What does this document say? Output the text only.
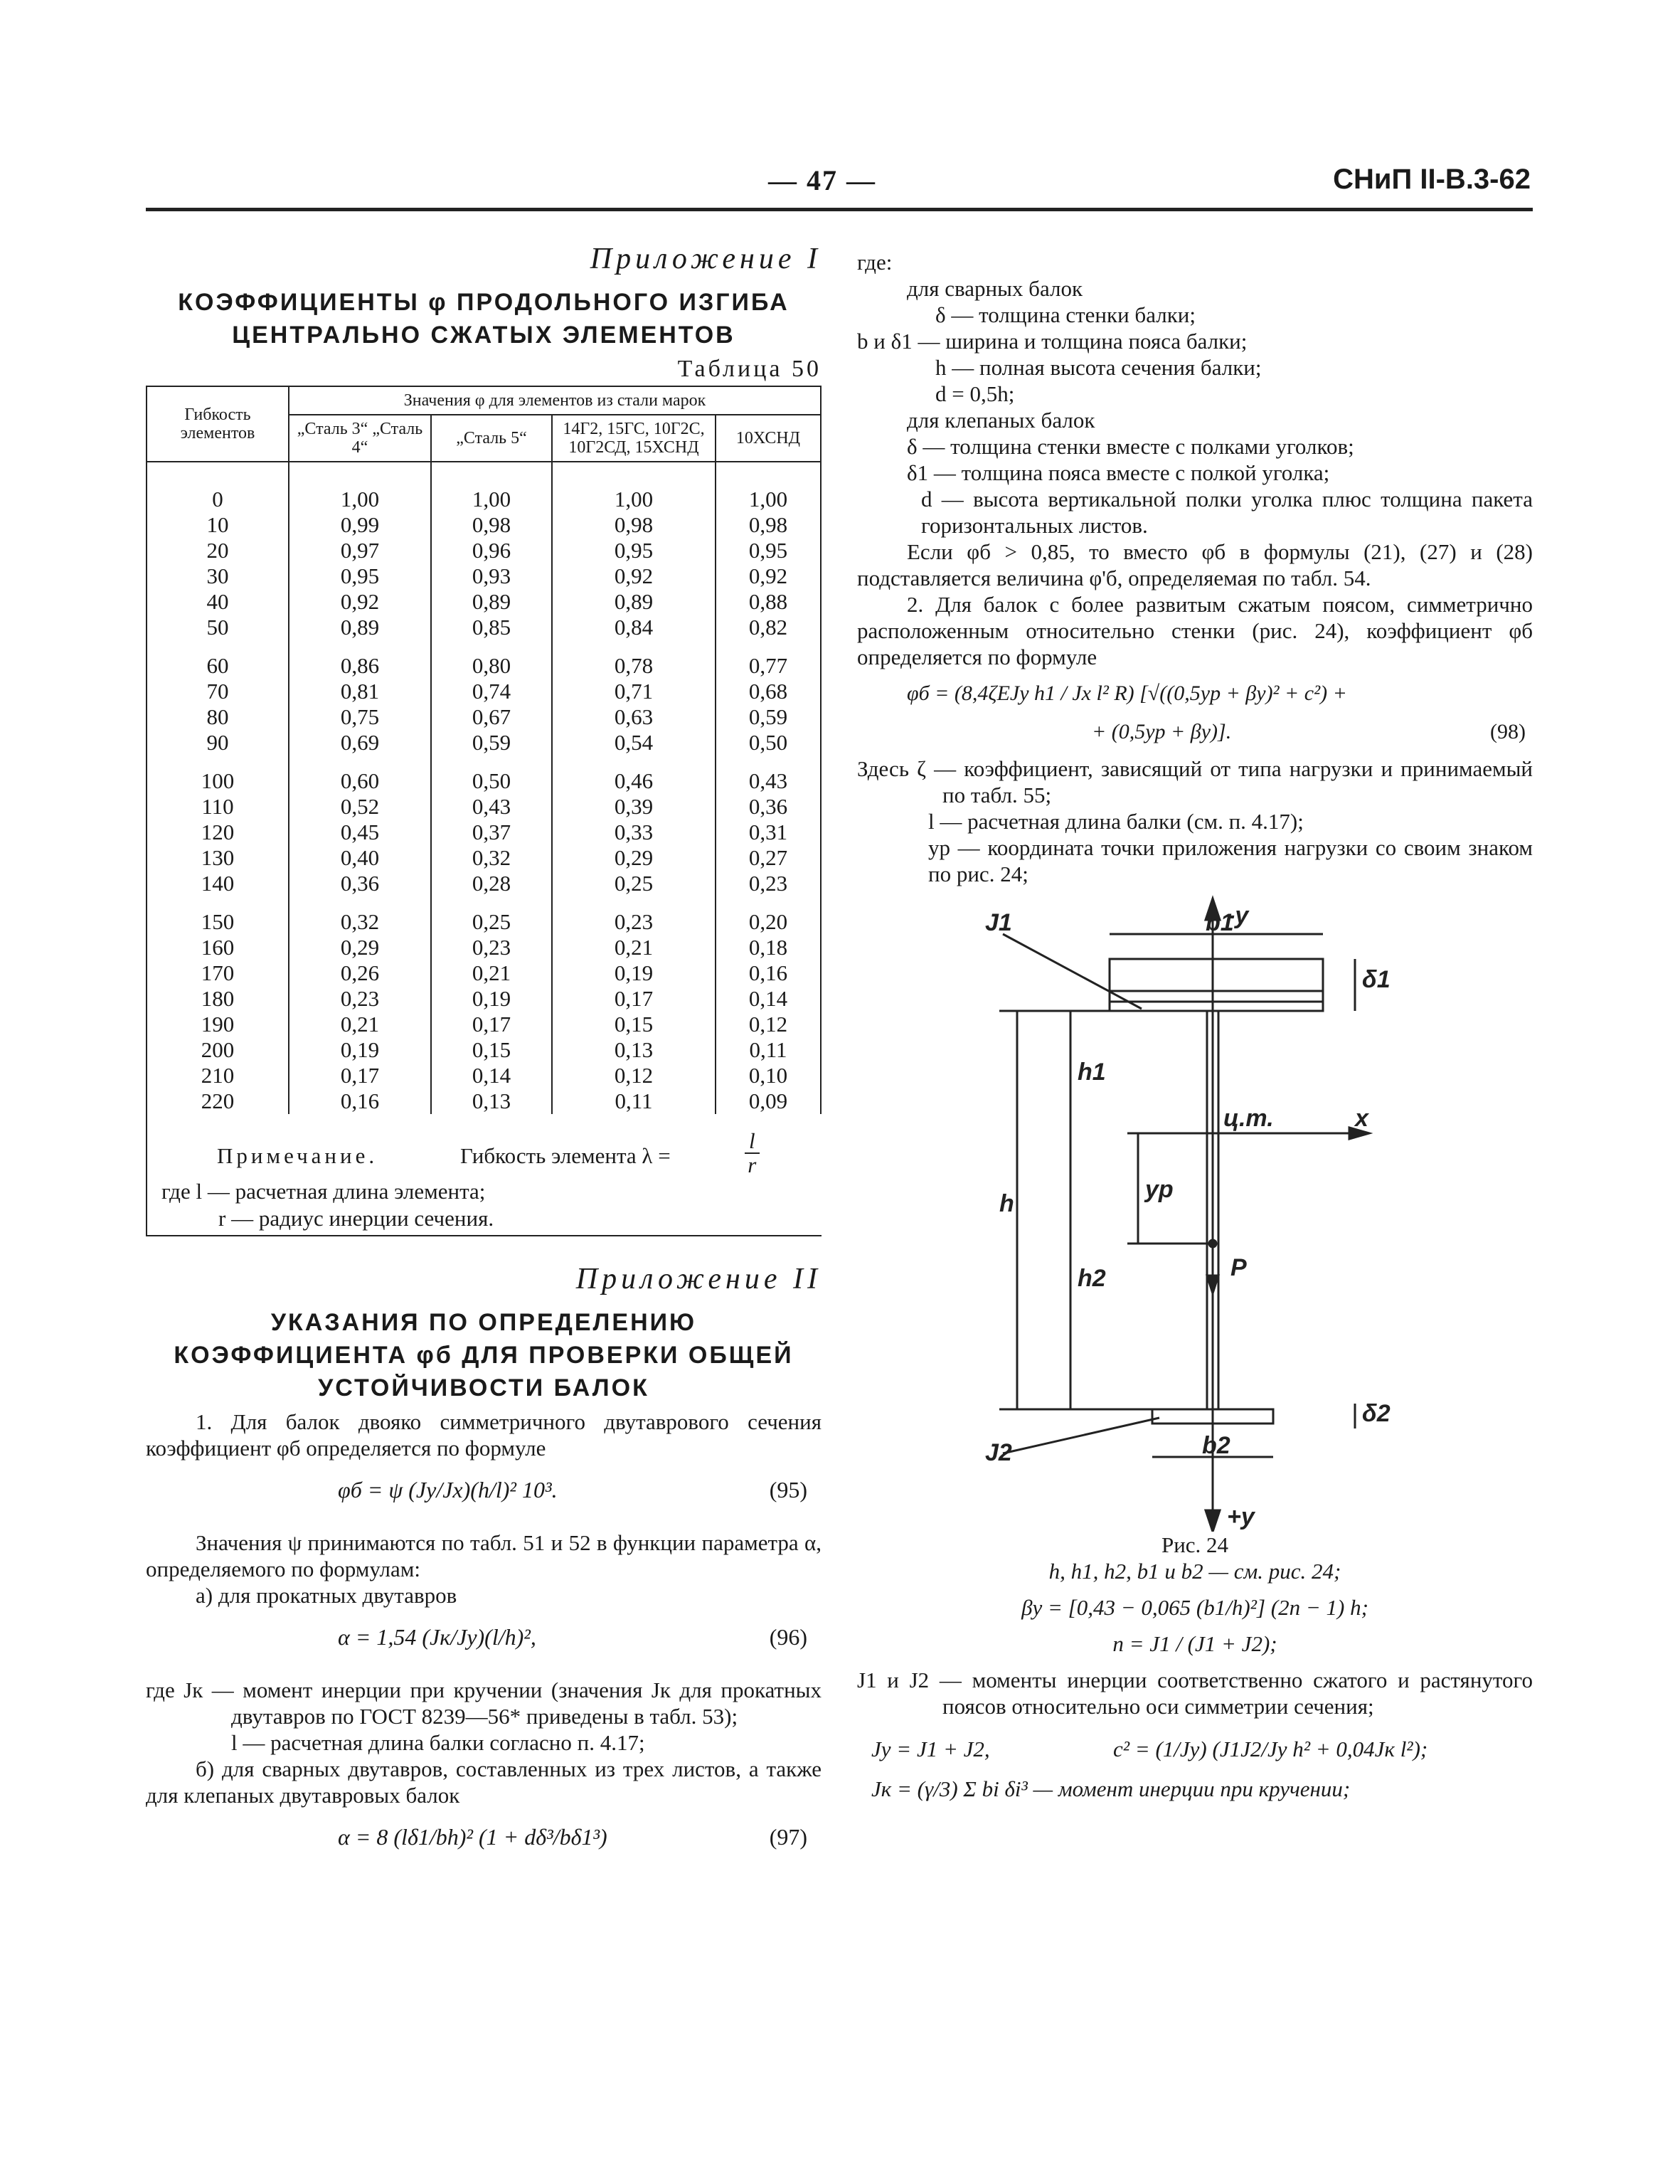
— 47 —	СНиП II-В.3-62

Приложение I

КОЭФФИЦИЕНТЫ φ ПРОДОЛЬНОГО ИЗГИБА
ЦЕНТРАЛЬНО СЖАТЫХ ЭЛЕМЕНТОВ
Таблица 50
Гибкость элементов	Значения φ для элементов из стали марок			
	„Сталь 3“ „Сталь 4“	„Сталь 5“	14Г2, 15ГС, 10Г2С, 10Г2СД, 15ХСНД	10ХСНД
0	1,00	1,00	1,00	1,00
10	0,99	0,98	0,98	0,98
20	0,97	0,96	0,95	0,95
30	0,95	0,93	0,92	0,92
40	0,92	0,89	0,89	0,88
50	0,89	0,85	0,84	0,82
60	0,86	0,80	0,78	0,77
70	0,81	0,74	0,71	0,68
80	0,75	0,67	0,63	0,59
90	0,69	0,59	0,54	0,50
100	0,60	0,50	0,46	0,43
110	0,52	0,43	0,39	0,36
120	0,45	0,37	0,33	0,31
130	0,40	0,32	0,29	0,27
140	0,36	0,28	0,25	0,23
150	0,32	0,25	0,23	0,20
160	0,29	0,23	0,21	0,18
170	0,26	0,21	0,19	0,16
180	0,23	0,19	0,17	0,14
190	0,21	0,17	0,15	0,12
200	0,19	0,15	0,13	0,11
210	0,17	0,14	0,12	0,10
220	0,16	0,13	0,11	0,09
Примечание.	Гибкость элемента λ =	$\frac{l}{r}$
где l — расчетная длина элемента;
r — радиус инерции сечения.

Приложение II

УКАЗАНИЯ ПО ОПРЕДЕЛЕНИЮ
КОЭФФИЦИЕНТА φб ДЛЯ ПРОВЕРКИ ОБЩЕЙ
УСТОЙЧИВОСТИ БАЛОК

1. Для балок двояко симметричного двутаврового сечения коэффициент φб определяется по формуле

φб = ψ (Jy/Jx)(h/l)² 10³.	(95)

Значения ψ принимаются по табл. 51 и 52 в функции параметра α, определяемого по формулам:

а) для прокатных двутавров

α = 1,54 (Jк/Jy)(l/h)²,	(96)

где Jк — момент инерции при кручении (значения Jк для прокатных двутавров по ГОСТ 8239—56* приведены в табл. 53);

l — расчетная длина балки согласно п. 4.17;

б) для сварных двутавров, составленных из трех листов, а также для клепаных двутавровых балок

α = 8 (lδ1/bh)² (1 + dδ³/bδ1³)	(97)

где:

для сварных балок

δ — толщина стенки балки;

b и δ1 — ширина и толщина пояса балки;

h — полная высота сечения балки;

d = 0,5h;

для клепаных балок

δ — толщина стенки вместе с полками уголков;

δ1 — толщина пояса вместе с полкой уголка;

d — высота вертикальной полки уголка плюс толщина пакета горизонтальных листов.

Если φб > 0,85, то вместо φб в формулы (21), (27) и (28) подставляется величина φ'б, определяемая по табл. 54.

2. Для балок с более развитым сжатым поясом, симметрично расположенным относительно стенки (рис. 24), коэффициент φб определяется по формуле

φб = (8,4ζEJy h1 / Jx l² R) [√((0,5yp + βy)² + c²) +
+ (0,5yp + βy)].	(98)

Здесь ζ — коэффициент, зависящий от типа нагрузки и принимаемый по табл. 55;

l — расчетная длина балки (см. п. 4.17);

yp — координата точки приложения нагрузки со своим знаком по рис. 24;

-y
+y
J1
J2
b1
b2
δ1
δ2
h
h1
h2
yp
ц.т.	x
P
Рис. 24
h, h1, h2, b1 и b2 — см. рис. 24;
βy = [0,43 − 0,065 (b1/h)²] (2n − 1) h;
n = J1 / (J1 + J2);

J1 и J2 — моменты инерции соответственно сжатого и растянутого поясов относительно оси симметрии сечения;

Jy = J1 + J2,	c² = (1/Jy) (J1J2/Jy h² + 0,04Jк l²);
Jк = (γ/3) Σ bi δi³ — момент инерции при кручении;
